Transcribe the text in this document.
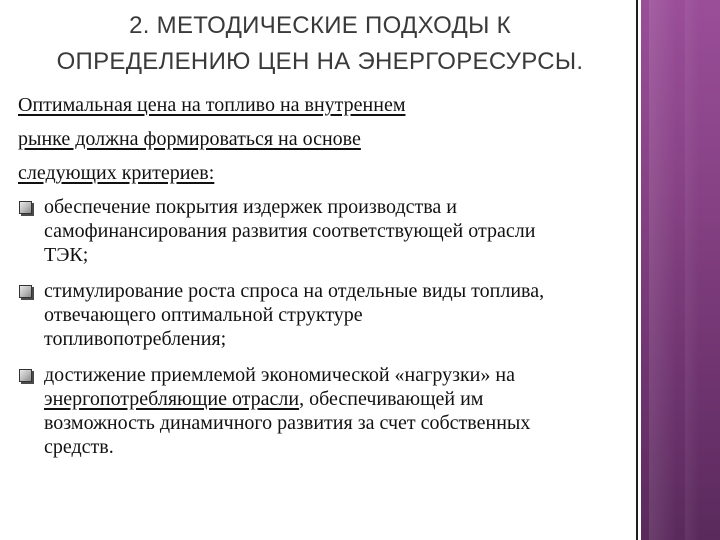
2. МЕТОДИЧЕСКИЕ ПОДХОДЫ К
ОПРЕДЕЛЕНИЮ ЦЕН НА ЭНЕРГОРЕСУРСЫ.
Оптимальная цена на топливо на внутреннем
рынке должна формироваться на основе
следующих критериев:
обеспечение покрытия издержек производства и
самофинансирования развития соответствующей отрасли
ТЭК;
стимулирование роста спроса на отдельные виды топлива,
отвечающего оптимальной структуре
топливопотребления;
достижение приемлемой экономической «нагрузки» на
энергопотребляющие отрасли, обеспечивающей им
возможность динамичного развития за счет собственных
средств.
